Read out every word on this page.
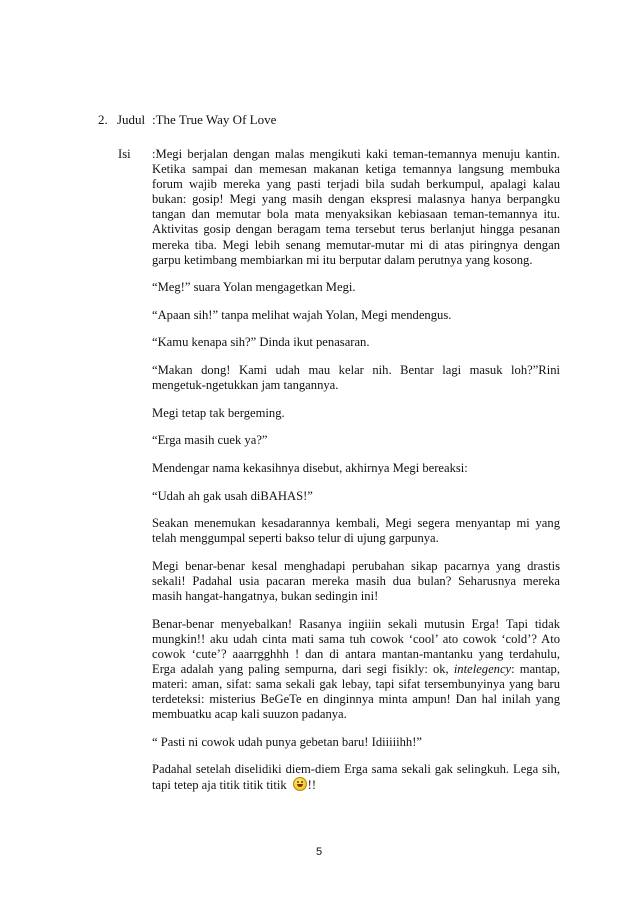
2. Judul :The True Way Of Love
Isi :Megi berjalan dengan malas mengikuti kaki teman-temannya menuju kantin. Ketika sampai dan memesan makanan ketiga temannya langsung membuka forum wajib mereka yang pasti terjadi bila sudah berkumpul, apalagi kalau bukan: gosip! Megi yang masih dengan ekspresi malasnya hanya berpangku tangan dan memutar bola mata menyaksikan kebiasaan teman-temannya itu. Aktivitas gosip dengan beragam tema tersebut terus berlanjut hingga pesanan mereka tiba. Megi lebih senang memutar-mutar mi di atas piringnya dengan garpu ketimbang membiarkan mi itu berputar dalam perutnya yang kosong.

“Meg!” suara Yolan mengagetkan Megi.

“Apaan sih!” tanpa melihat wajah Yolan, Megi mendengus.

“Kamu kenapa sih?” Dinda ikut penasaran.

“Makan dong! Kami udah mau kelar nih. Bentar lagi masuk loh?”Rini mengetuk-ngetukkan jam tangannya.

Megi tetap tak bergeming.

“Erga masih cuek ya?”

Mendengar nama kekasihnya disebut, akhirnya Megi bereaksi:

“Udah ah gak usah diBAHAS!”

Seakan menemukan kesadarannya kembali, Megi segera menyantap mi yang telah menggumpal seperti bakso telur di ujung garpunya.

Megi benar-benar kesal menghadapi perubahan sikap pacarnya yang drastis sekali! Padahal usia pacaran mereka masih dua bulan? Seharusnya mereka masih hangat-hangatnya, bukan sedingin ini!

Benar-benar menyebalkan! Rasanya ingiiin sekali mutusin Erga! Tapi tidak mungkin!! aku udah cinta mati sama tuh cowok ‘cool’ ato cowok ‘cold’? Ato cowok ‘cute’? aaarrgghhh ! dan di antara mantan-mantanku yang terdahulu, Erga adalah yang paling sempurna, dari segi fisikly: ok, intelegency: mantap, materi: aman, sifat: sama sekali gak lebay, tapi sifat tersembunyinya yang baru terdeteksi: misterius BeGeTe en dinginnya minta ampun! Dan hal inilah yang membuatku acap kali suuzon padanya.

“ Pasti ni cowok udah punya gebetan baru! Idiiiiihh!”

Padahal setelah diselidiki diem-diem Erga sama sekali gak selingkuh. Lega sih, tapi tetep aja titik titik titik !!

5
